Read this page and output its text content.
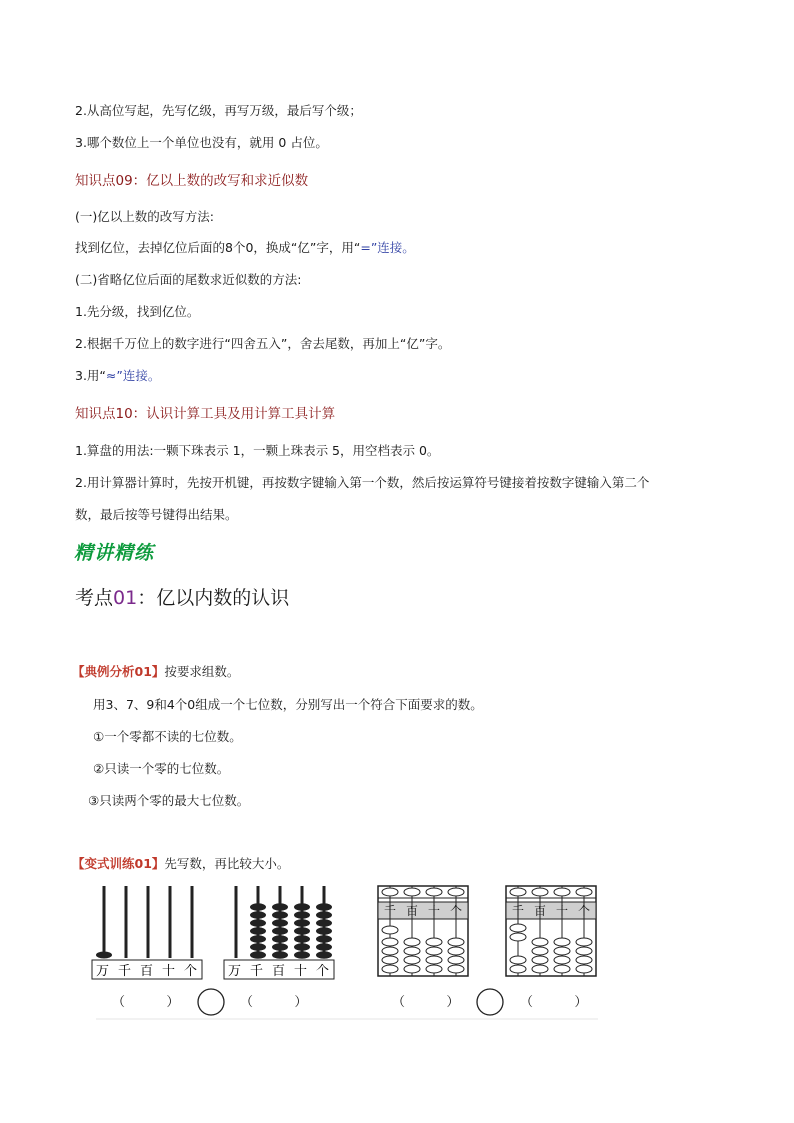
2.从高位写起，先写亿级，再写万级，最后写个级；
3.哪个数位上一个单位也没有，就用 0 占位。
知识点09：亿以上数的改写和求近似数
(一)亿以上数的改写方法:
找到亿位，去掉亿位后面的8个0，换成“亿”字，用“=”连接。
(二)省略亿位后面的尾数求近似数的方法:
1.先分级，找到亿位。
2.根据千万位上的数字进行“四舍五入”，舍去尾数，再加上“亿”字。
3.用“≈”连接。
知识点10：认识计算工具及用计算工具计算
1.算盘的用法:一颗下珠表示 1，一颗上珠表示 5，用空档表示 0。
2.用计算器计算时，先按开机键，再按数字键输入第一个数，然后按运算符号键接着按数字键输入第二个
数，最后按等号键得出结果。
精讲精练
考点01：亿以内数的认识
【典例分析01】按要求组数。
用3、7、9和4个0组成一个七位数，分别写出一个符合下面要求的数。
①一个零都不读的七位数。
②只读一个零的七位数。
③只读两个零的最大七位数。
【变式训练01】先写数，再比较大小。
万 千 百 十 个 万 千 百 十 个
千 百 十 个	千 百 十 个
（          ）	（          ）	（          ）	（          ）
